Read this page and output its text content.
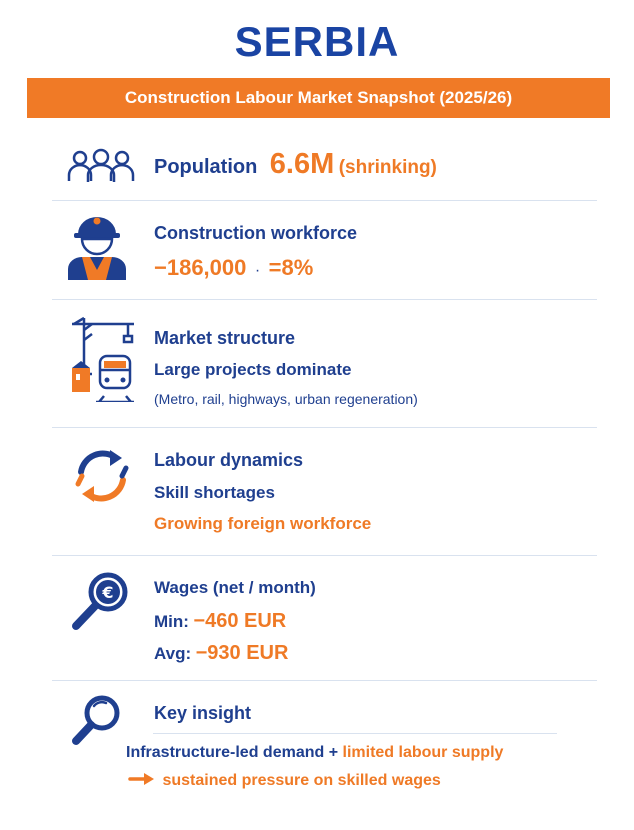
SERBIA
Construction Labour Market Snapshot (2025/26)
Population 6.6M (shrinking)
Construction workforce
−186,000 · =8%
Market structure
Large projects dominate
(Metro, rail, highways, urban regeneration)
Labour dynamics
Skill shortages
Growing foreign workforce
€ Wages (net / month)
Min: −460 EUR
Avg: −930 EUR
Key insight
Infrastructure-led demand + limited labour supply
sustained pressure on skilled wages
